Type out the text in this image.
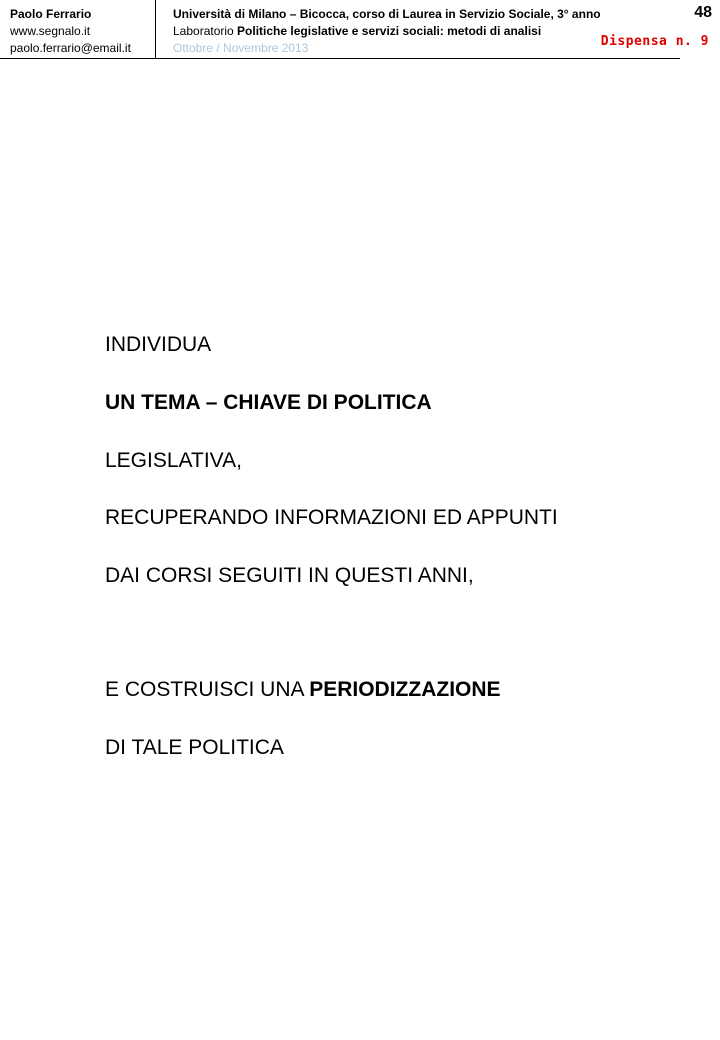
Paolo Ferrario
www.segnalo.it
paolo.ferrario@email.it
Università di Milano – Bicocca, corso di Laurea in Servizio Sociale, 3° anno
Laboratorio Politiche legislative e servizi sociali: metodi di analisi
Ottobre / Novembre 2013
48
Dispensa n. 9

INDIVIDUA

UN TEMA – CHIAVE DI POLITICA

LEGISLATIVA,

RECUPERANDO INFORMAZIONI ED APPUNTI

DAI CORSI SEGUITI IN QUESTI ANNI,

E COSTRUISCI UNA PERIODIZZAZIONE

DI TALE POLITICA
